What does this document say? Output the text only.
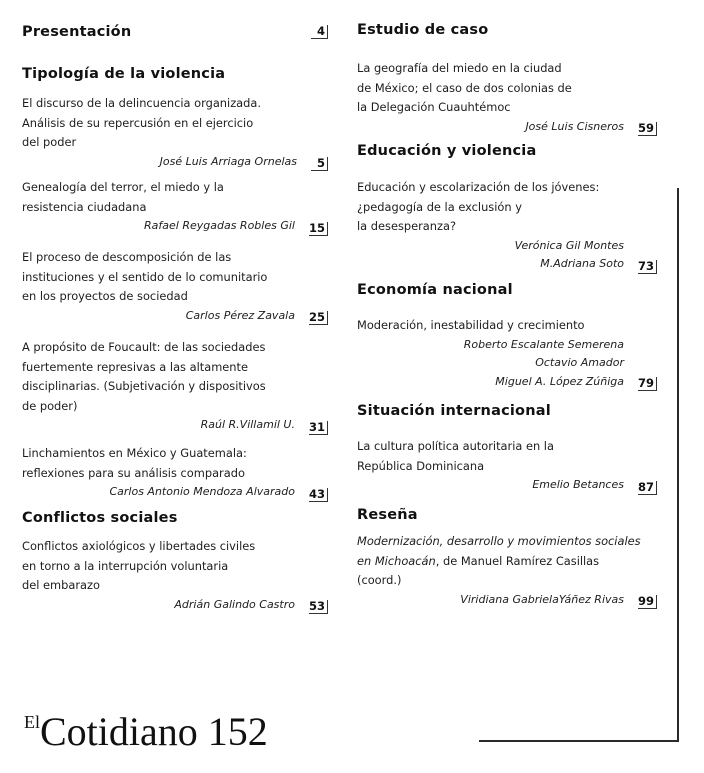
Presentación	4
Tipología de la violencia
El discurso de la delincuencia organizada.
Análisis de su repercusión en el ejercicio
del poder
José Luis Arriaga Ornelas	5
Genealogía del terror, el miedo y la
resistencia ciudadana
Rafael Reygadas Robles Gil 15
El proceso de descomposición de las
instituciones y el sentido de lo comunitario
en los proyectos de sociedad
Carlos Pérez Zavala 25
A propósito de Foucault: de las sociedades
fuertemente represivas a las altamente
disciplinarias. (Subjetivación y dispositivos
de poder)
Raúl R.Villamil U. 31
Linchamientos en México y Guatemala:
reflexiones para su análisis comparado
Carlos Antonio Mendoza Alvarado 43
Conflictos sociales
Conflictos axiológicos y libertades civiles
en torno a la interrupción voluntaria
del embarazo
Adrián Galindo Castro 53
Estudio de caso
La geografía del miedo en la ciudad
de México; el caso de dos colonias de
la Delegación Cuauhtémoc
José Luis Cisneros 59
Educación y violencia
Educación y escolarización de los jóvenes:
¿pedagogía de la exclusión y
la desesperanza?
Verónica Gil Montes
M.Adriana Soto 73
Economía nacional
Moderación, inestabilidad y crecimiento
Roberto Escalante Semerena
Octavio Amador
Miguel A. López Zúñiga 79
Situación internacional
La cultura política autoritaria en la
República Dominicana
Emelio Betances 87
Reseña
Modernización, desarrollo y movimientos sociales
en Michoacán, de Manuel Ramírez Casillas
(coord.)
Viridiana GabrielaYáñez Rivas 99
ElCotidiano 152
